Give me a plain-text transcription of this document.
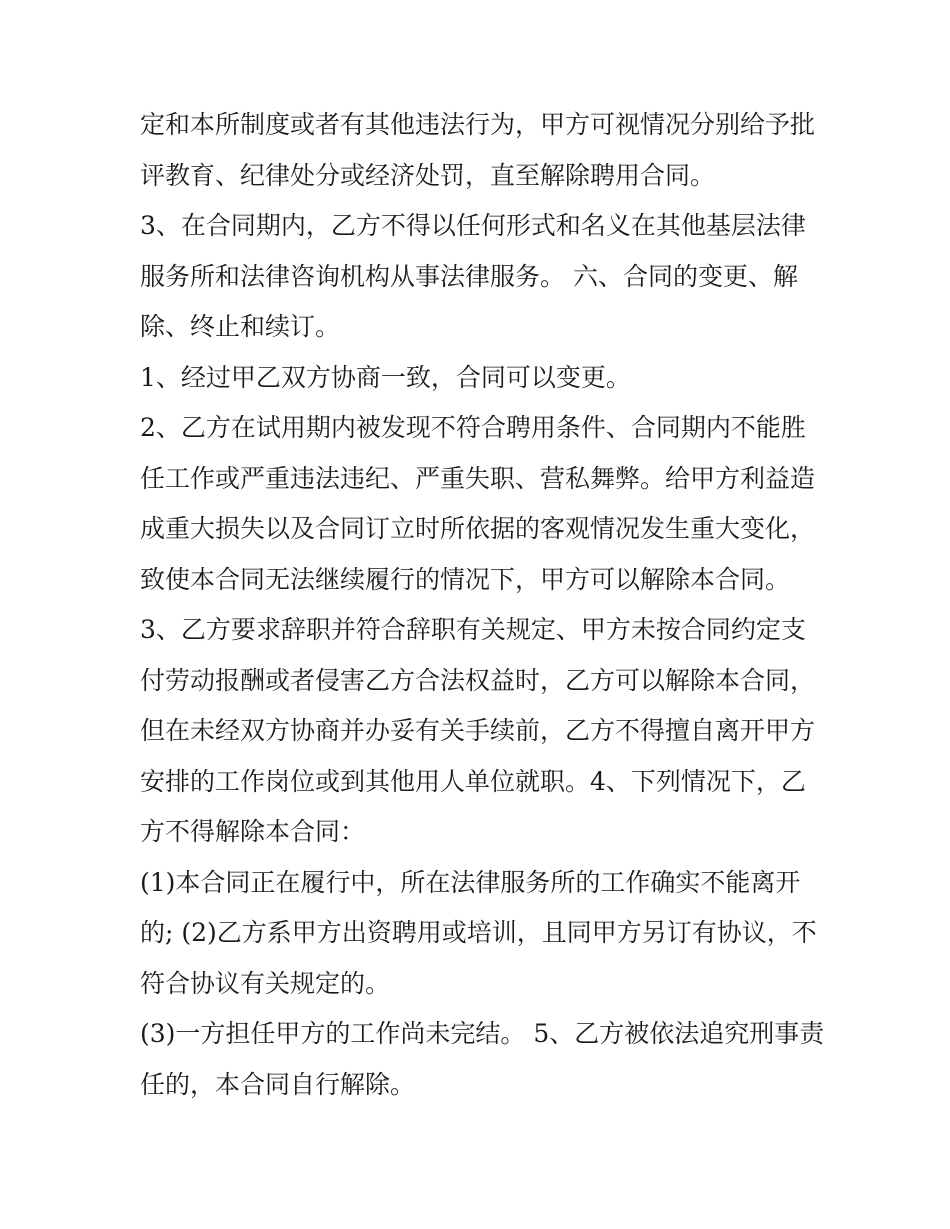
定和本所制度或者有其他违法行为，甲方可视情况分别给予批
评教育、纪律处分或经济处罚，直至解除聘用合同。
3、在合同期内，乙方不得以任何形式和名义在其他基层法律
服务所和法律咨询机构从事法律服务。 六、合同的变更、解
除、终止和续订。
1、经过甲乙双方协商一致，合同可以变更。
2、乙方在试用期内被发现不符合聘用条件、合同期内不能胜
任工作或严重违法违纪、严重失职、营私舞弊。给甲方利益造
成重大损失以及合同订立时所依据的客观情况发生重大变化，
致使本合同无法继续履行的情况下，甲方可以解除本合同。
3、乙方要求辞职并符合辞职有关规定、甲方未按合同约定支
付劳动报酬或者侵害乙方合法权益时，乙方可以解除本合同，
但在未经双方协商并办妥有关手续前，乙方不得擅自离开甲方
安排的工作岗位或到其他用人单位就职。4、下列情况下，乙
方不得解除本合同：
(1)本合同正在履行中，所在法律服务所的工作确实不能离开
的; (2)乙方系甲方出资聘用或培训，且同甲方另订有协议，不
符合协议有关规定的。
(3)一方担任甲方的工作尚未完结。 5、乙方被依法追究刑事责
任的，本合同自行解除。
